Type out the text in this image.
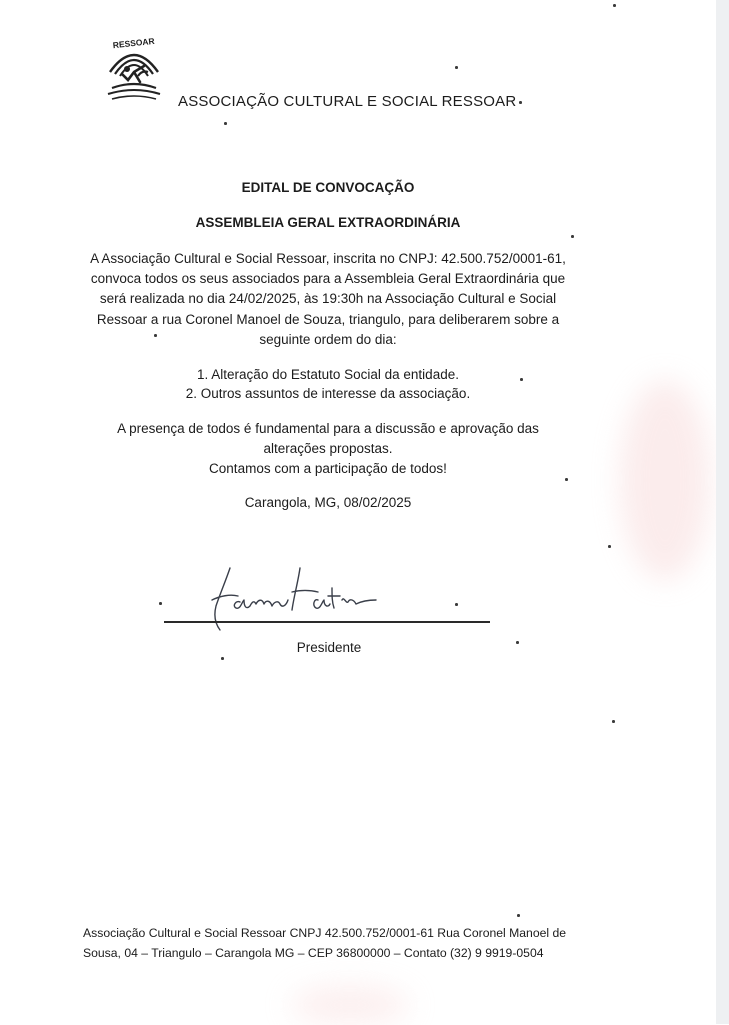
RESSOAR
ASSOCIAÇÃO CULTURAL E SOCIAL RESSOAR
EDITAL DE CONVOCAÇÃO
ASSEMBLEIA GERAL EXTRAORDINÁRIA
A Associação Cultural e Social Ressoar, inscrita no CNPJ: 42.500.752/0001-61,
convoca todos os seus associados para a Assembleia Geral Extraordinária que
será realizada no dia 24/02/2025, às 19:30h na Associação Cultural e Social
Ressoar a rua Coronel Manoel de Souza, triangulo, para deliberarem sobre a
seguinte ordem do dia:
1. Alteração do Estatuto Social da entidade.
2. Outros assuntos de interesse da associação.
A presença de todos é fundamental para a discussão e aprovação das
alterações propostas.
Contamos com a participação de todos!
Carangola, MG, 08/02/2025
Presidente
Associação Cultural e Social Ressoar CNPJ 42.500.752/0001-61 Rua Coronel Manoel de
Sousa, 04 – Triangulo – Carangola MG – CEP 36800000 – Contato (32) 9 9919-0504
